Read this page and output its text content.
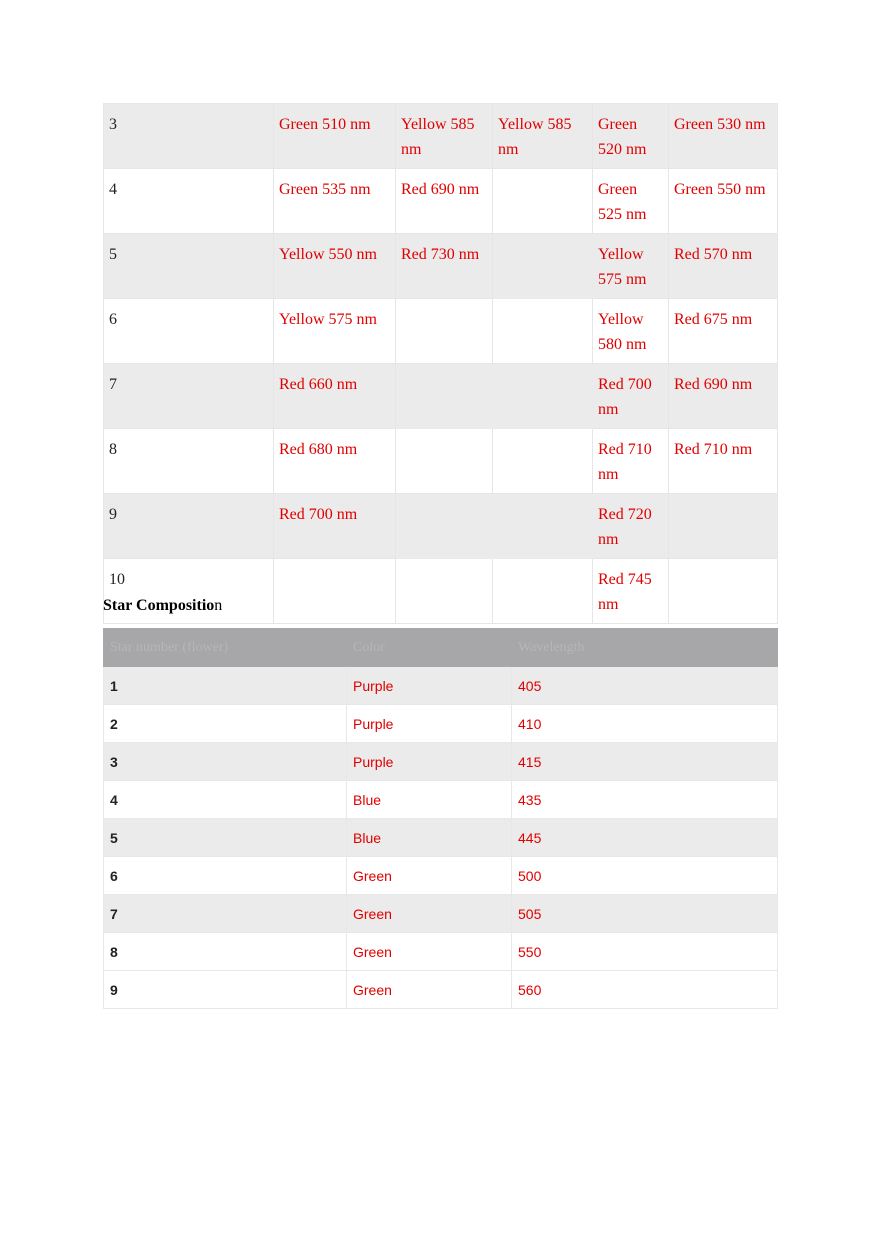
3	Green 510 nm	Yellow 585 nm	Yellow 585 nm	Green 520 nm	Green 530 nm
4	Green 535 nm	Red 690 nm		Green 525 nm	Green 550 nm
5	Yellow 550 nm	Red 730 nm		Yellow 575 nm	Red 570 nm
6	Yellow 575 nm			Yellow 580 nm	Red 675 nm
7	Red 660 nm			Red 700 nm	Red 690 nm
8	Red 680 nm			Red 710 nm	Red 710 nm
9	Red 700 nm			Red 720 nm	
10				Red 745 nm	
Star Composition
Star number (flower)	Color	Wavelength
1	Purple	405
2	Purple	410
3	Purple	415
4	Blue	435
5	Blue	445
6	Green	500
7	Green	505
8	Green	550
9	Green	560
